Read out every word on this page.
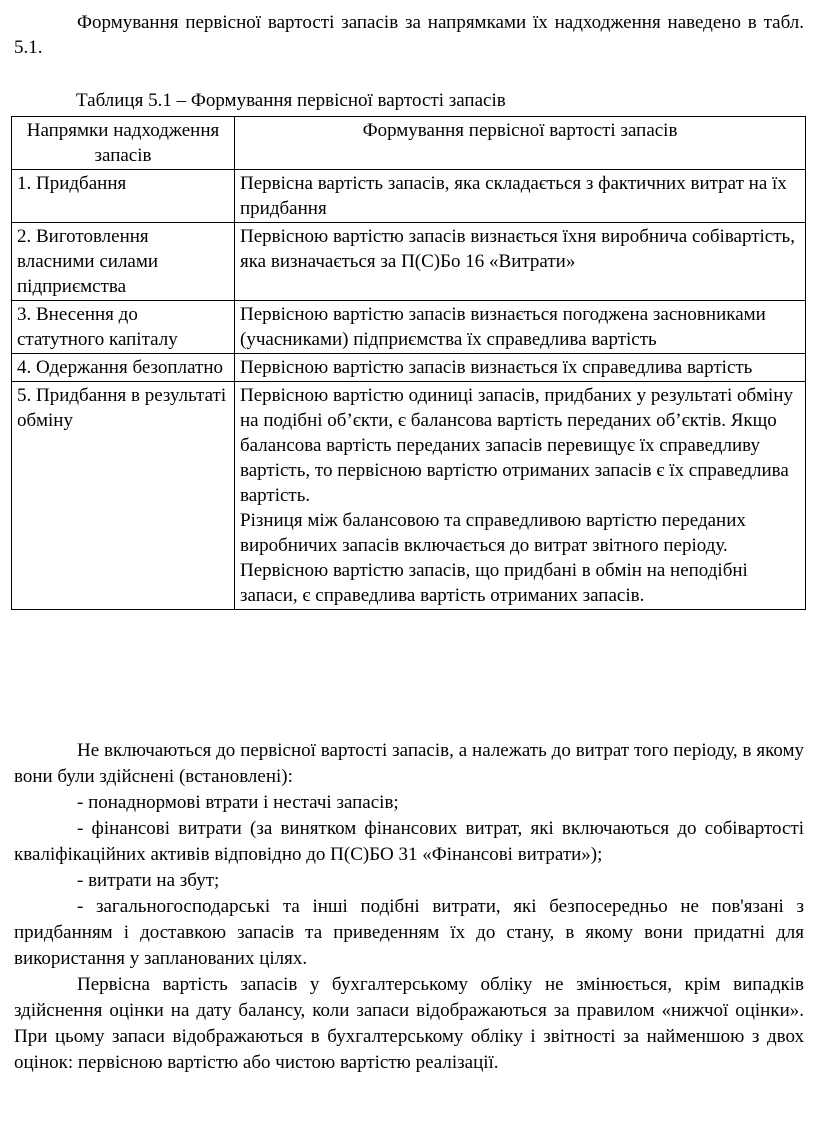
Формування первісної вартості запасів за напрямками їх надходження наведено в табл. 5.1.

Таблиця 5.1 – Формування первісної вартості запасів

Напрямки надходження запасів	Формування первісної вартості запасів
1. Придбання	Первісна вартість запасів, яка складається з фактичних витрат на їх придбання

2. Виготовлення власними силами підприємства	Первісною вартістю запасів визнається їхня виробнича собівартість, яка визначається за П(С)Бо 16 «Витрати»

3. Внесення до статутного капіталу	Первісною вартістю запасів визнається погоджена засновниками (учасниками) підприємства їх справедлива вартість

4. Одержання безоплатно	Первісною вартістю запасів визнається їх справедлива вартість

5. Придбання в результаті обміну	Первісною вартістю одиниці запасів, придбаних у результаті обміну на подібні об’єкти, є балансова вартість переданих об’єктів. Якщо балансова вартість переданих запасів перевищує їх справедливу вартість, то первісною вартістю отриманих запасів є їх справедлива вартість.
Різниця між балансовою та справедливою вартістю переданих виробничих запасів включається до витрат звітного періоду.
Первісною вартістю запасів, що придбані в обмін на неподібні запаси, є справедлива вартість отриманих запасів.

Не включаються до первісної вартості запасів, а належать до витрат того періоду, в якому вони були здійснені (встановлені):

- понаднормові втрати і нестачі запасів;

- фінансові витрати (за винятком фінансових витрат, які включаються до собівартості кваліфікаційних активів відповідно до П(С)БО 31 «Фінансові витрати»);

- витрати на збут;

- загальногосподарські та інші подібні витрати, які безпосередньо не пов'язані з придбанням і доставкою запасів та приведенням їх до стану, в якому вони придатні для використання у запланованих цілях.

Первісна вартість запасів у бухгалтерському обліку не змінюється, крім випадків здійснення оцінки на дату балансу, коли запаси відображаються за правилом «нижчої оцінки». При цьому запаси відображаються в бухгалтерському обліку і звітності за найменшою з двох оцінок: первісною вартістю або чистою вартістю реалізації.
